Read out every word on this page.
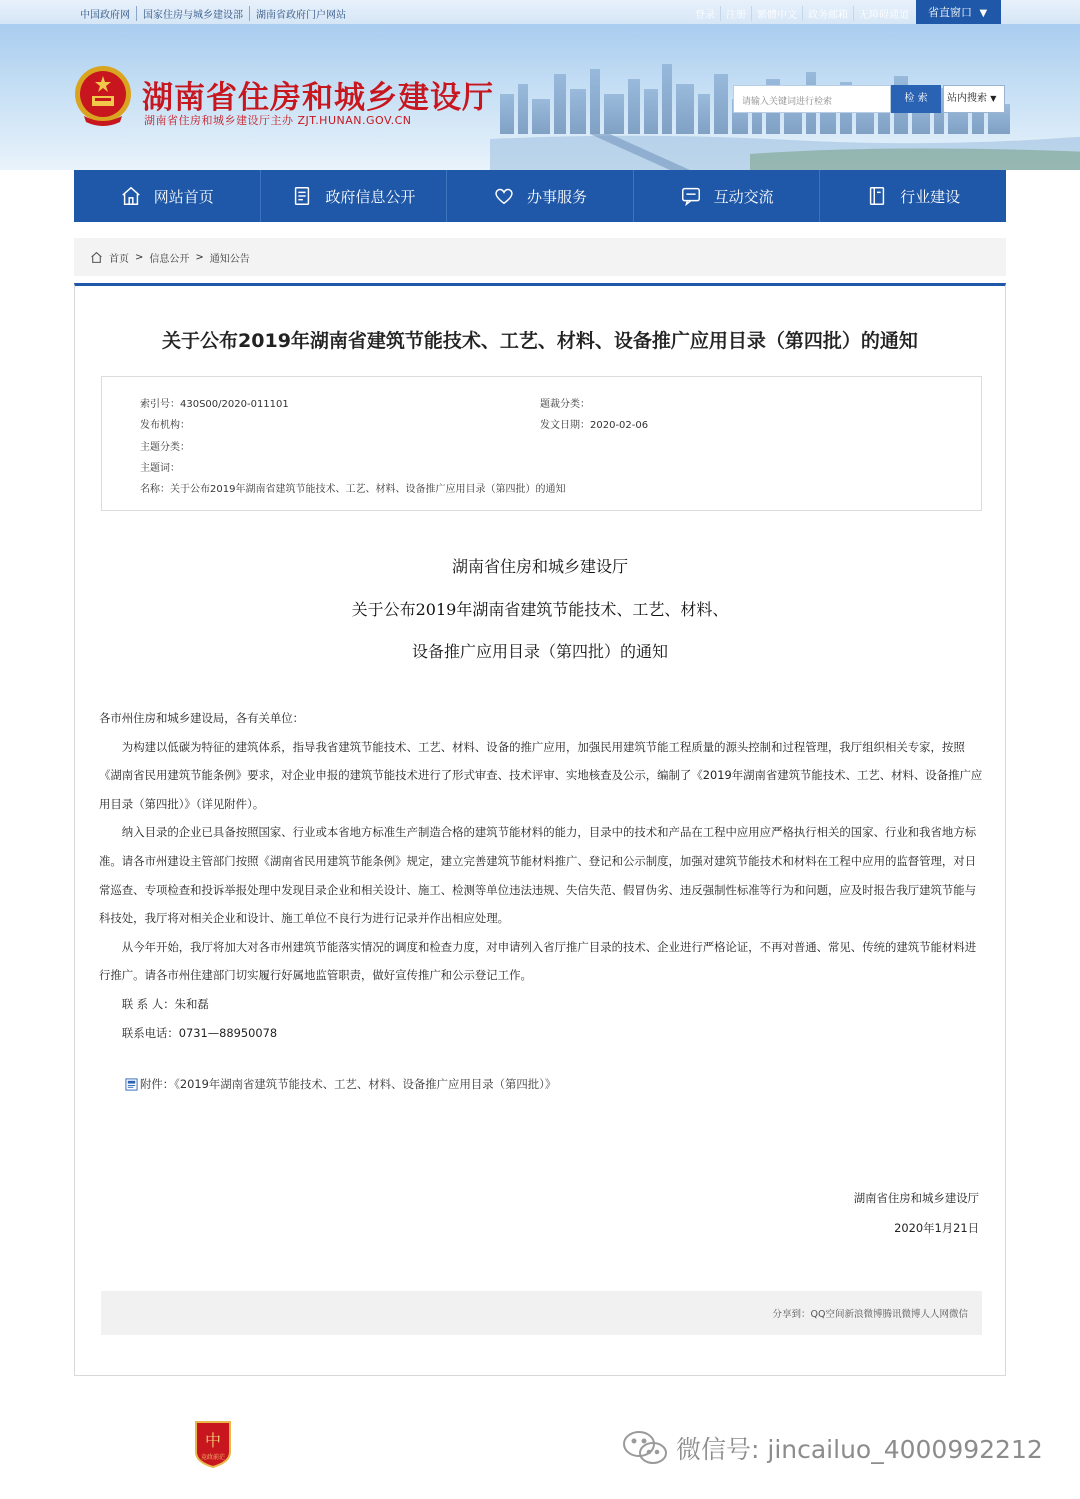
中国政府网	国家住房与城乡建设部	湖南省政府门户网站	登录	注册	繁體中文	政务邮箱	无障碍通道	省直窗口 ▼
湖南省住房和城乡建设厅
湖南省住房和城乡建设厅主办 ZJT.HUNAN.GOV.CN
请输入关键词进行检索	检 索	站内搜索 ▼
网站首页	政府信息公开	办事服务	互动交流	行业建设
首页 > 信息公开 > 通知公告
关于公布2019年湖南省建筑节能技术、工艺、材料、设备推广应用目录（第四批）的通知
索引号：430S00/2020-011101	题裁分类：
发布机构：	发文日期：2020-02-06
主题分类：
主题词：
名称：关于公布2019年湖南省建筑节能技术、工艺、材料、设备推广应用目录（第四批）的通知
湖南省住房和城乡建设厅
关于公布2019年湖南省建筑节能技术、工艺、材料、
设备推广应用目录（第四批）的通知

各市州住房和城乡建设局，各有关单位：

为构建以低碳为特征的建筑体系，指导我省建筑节能技术、工艺、材料、设备的推广应用，加强民用建筑节能工程质量的源头控制和过程管理，我厅组织相关专家，按照《湖南省民用建筑节能条例》要求，对企业申报的建筑节能技术进行了形式审查、技术评审、实地核查及公示，编制了《2019年湖南省建筑节能技术、工艺、材料、设备推广应用目录（第四批）》（详见附件）。

纳入目录的企业已具备按照国家、行业或本省地方标准生产制造合格的建筑节能材料的能力，目录中的技术和产品在工程中应用应严格执行相关的国家、行业和我省地方标准。请各市州建设主管部门按照《湖南省民用建筑节能条例》规定，建立完善建筑节能材料推广、登记和公示制度，加强对建筑节能技术和材料在工程中应用的监督管理，对日常巡查、专项检查和投诉举报处理中发现目录企业和相关设计、施工、检测等单位违法违规、失信失范、假冒伪劣、违反强制性标准等行为和问题，应及时报告我厅建筑节能与科技处，我厅将对相关企业和设计、施工单位不良行为进行记录并作出相应处理。

从今年开始，我厅将加大对各市州建筑节能落实情况的调度和检查力度，对申请列入省厅推广目录的技术、企业进行严格论证，不再对普通、常见、传统的建筑节能材料进行推广。请各市州住建部门切实履行好属地监管职责，做好宣传推广和公示登记工作。

联 系 人：朱和磊

联系电话：0731—88950078

附件：《2019年湖南省建筑节能技术、工艺、材料、设备推广应用目录（第四批）》
湖南省住房和城乡建设厅
2020年1月21日
分享到：QQ空间新浪微博腾讯微博人人网微信
中
竞政前茫	微信号: jincailuo_4000992212
